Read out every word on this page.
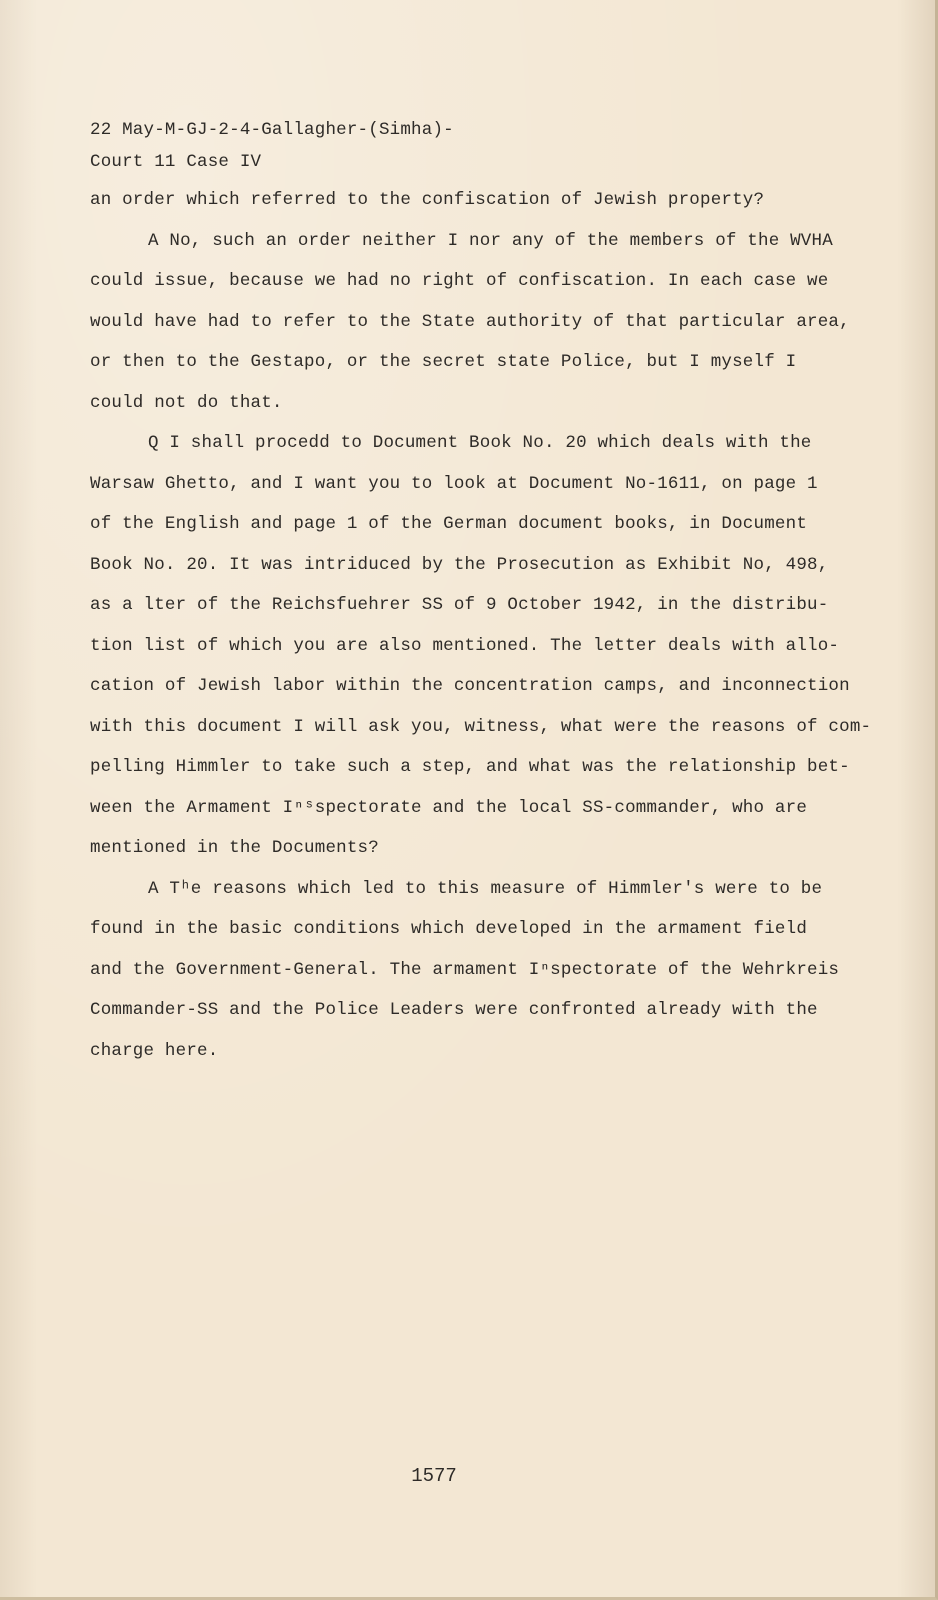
22 May-M-GJ-2-4-Gallagher-(Simha)-
Court 11 Case IV

an order which referred to the confiscation of Jewish property?

A No, such an order neither I nor any of the members of the WVHA

could issue, because we had no right of confiscation. In each case we

would have had to refer to the State authority of that particular area,

or then to the Gestapo, or the secret state Police, but I myself I

could not do that.

Q I shall procedd to Document Book No. 20 which deals with the

Warsaw Ghetto, and I want you to look at Document No-1611, on page 1

of the English and page 1 of the German document books, in Document

Book No. 20. It was intriduced by the Prosecution as Exhibit No, 498,

as a lter of the Reichsfuehrer SS of 9 October 1942, in the distribu-

tion list of which you are also mentioned. The letter deals with allo-

cation of Jewish labor within the concentration camps, and inconnection

with this document I will ask you, witness, what were the reasons of com-

pelling Himmler to take such a step, and what was the relationship bet-

ween the Armament Iⁿˢspectorate and the local SS-commander, who are

mentioned in the Documents?

A Tʰe reasons which led to this measure of Himmler's were to be

found in the basic conditions which developed in the armament field

and the Government-General. The armament Iⁿspectorate of the Wehrkreis

Commander-SS and the Police Leaders were confronted already with the

charge here.

1577
